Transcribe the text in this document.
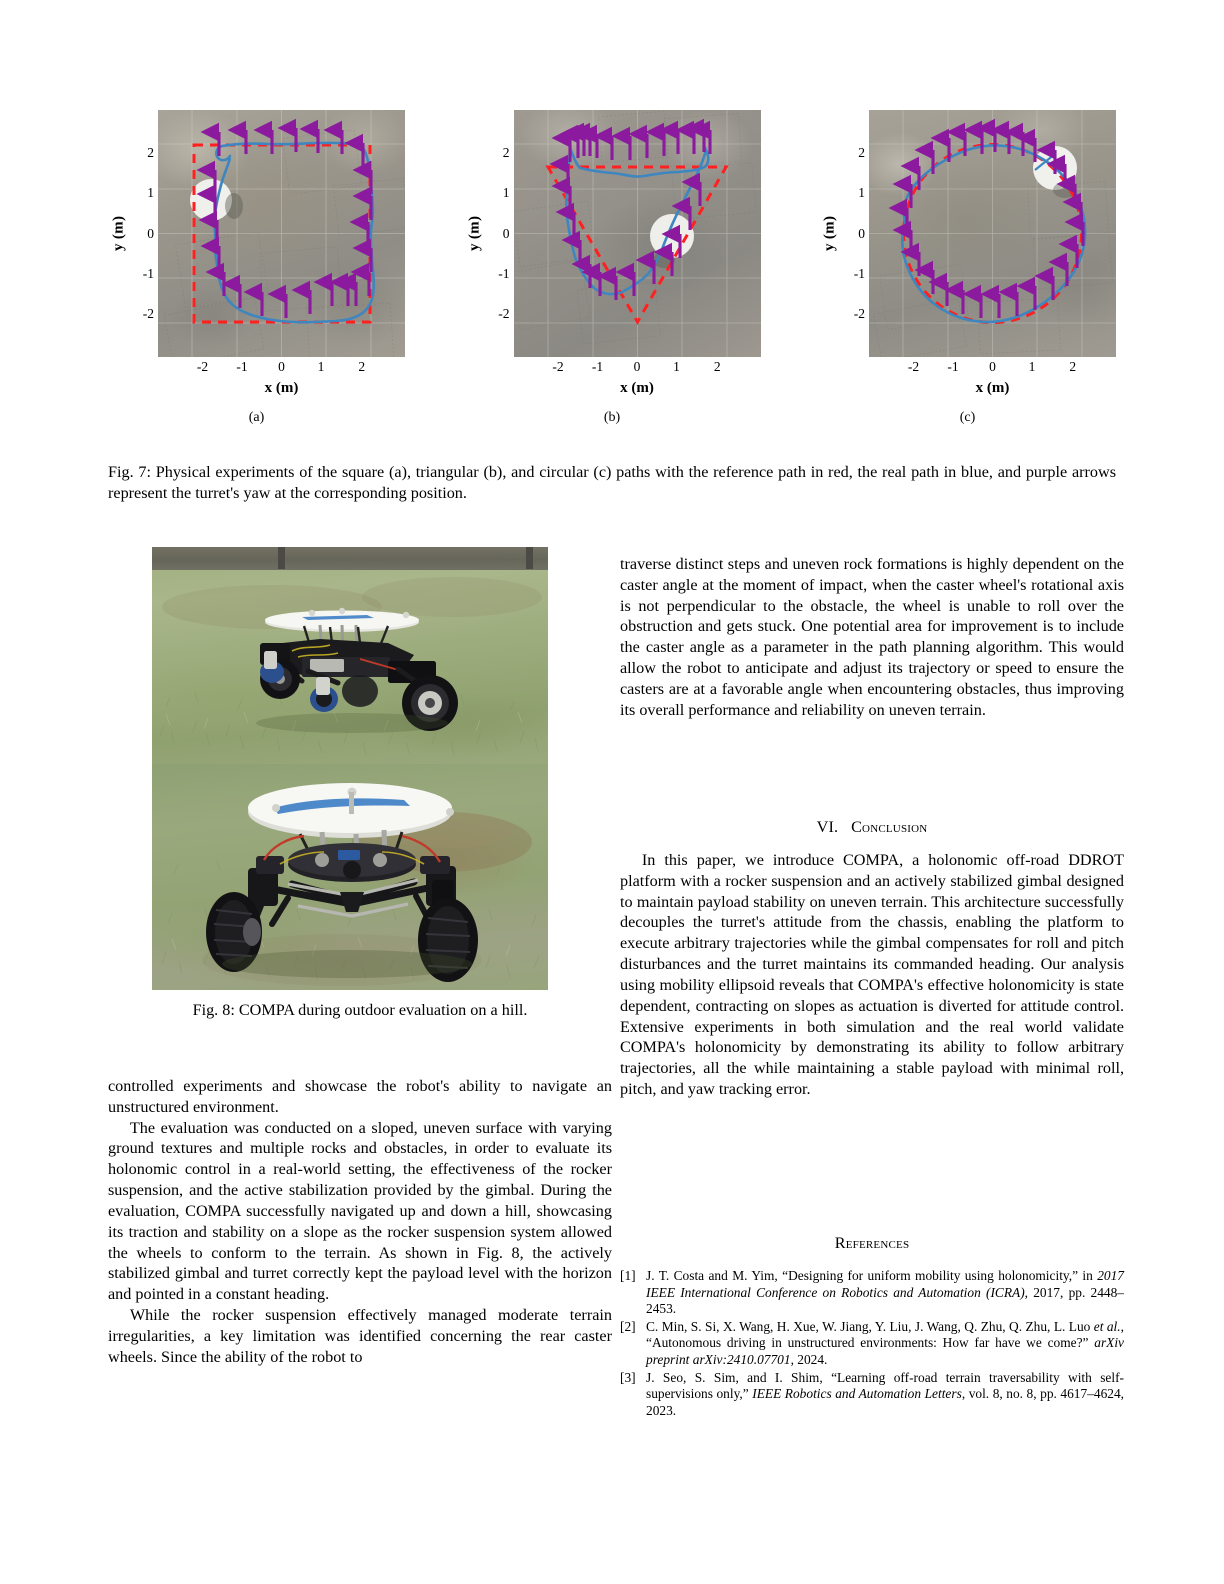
y (m)
2
1
0
-1
-2
-2 -1 0 1	2
x (m)
(a)
y (m)
2
1
0
-1
-2
-2 -1 0 1	2
x (m)
(b)
y (m)
2
1
0
-1
-2
-2 -1 0 1	2
x (m)
(c)
Fig. 7: Physical experiments of the square (a), triangular (b), and circular (c) paths with the reference path in red, the real path in blue, and purple arrows represent the turret's yaw at the corresponding position.
Fig. 8: COMPA during outdoor evaluation on a hill.

controlled experiments and showcase the robot's ability to navigate an unstructured environment.

The evaluation was conducted on a sloped, uneven surface with varying ground textures and multiple rocks and obstacles, in order to evaluate its holonomic control in a real-world setting, the effectiveness of the rocker suspension, and the active stabilization provided by the gimbal. During the evaluation, COMPA successfully navigated up and down a hill, showcasing its traction and stability on a slope as the rocker suspension system allowed the wheels to conform to the terrain. As shown in Fig. 8, the actively stabilized gimbal and turret correctly kept the payload level with the horizon and pointed in a constant heading.

While the rocker suspension effectively managed moderate terrain irregularities, a key limitation was identified concerning the rear caster wheels. Since the ability of the robot to

traverse distinct steps and uneven rock formations is highly dependent on the caster angle at the moment of impact, when the caster wheel's rotational axis is not perpendicular to the obstacle, the wheel is unable to roll over the obstruction and gets stuck. One potential area for improvement is to include the caster angle as a parameter in the path planning algorithm. This would allow the robot to anticipate and adjust its trajectory or speed to ensure the casters are at a favorable angle when encountering obstacles, thus improving its overall performance and reliability on uneven terrain.

VI. Conclusion

In this paper, we introduce COMPA, a holonomic off-road DDROT platform with a rocker suspension and an actively stabilized gimbal designed to maintain payload stability on uneven terrain. This architecture successfully decouples the turret's attitude from the chassis, enabling the platform to execute arbitrary trajectories while the gimbal compensates for roll and pitch disturbances and the turret maintains its commanded heading. Our analysis using mobility ellipsoid reveals that COMPA's effective holonomicity is state dependent, contracting on slopes as actuation is diverted for attitude control. Extensive experiments in both simulation and the real world validate COMPA's holonomicity by demonstrating its ability to follow arbitrary trajectories, all the while maintaining a stable payload with minimal roll, pitch, and yaw tracking error.

References
[1] J. T. Costa and M. Yim, “Designing for uniform mobility using holonomicity,” in 2017 IEEE International Conference on Robotics and Automation (ICRA), 2017, pp. 2448–2453.
[2] C. Min, S. Si, X. Wang, H. Xue, W. Jiang, Y. Liu, J. Wang, Q. Zhu, Q. Zhu, L. Luo et al., “Autonomous driving in unstructured environments: How far have we come?” arXiv preprint arXiv:2410.07701, 2024.
[3] J. Seo, S. Sim, and I. Shim, “Learning off-road terrain traversability with self-supervisions only,” IEEE Robotics and Automation Letters, vol. 8, no. 8, pp. 4617–4624, 2023.
